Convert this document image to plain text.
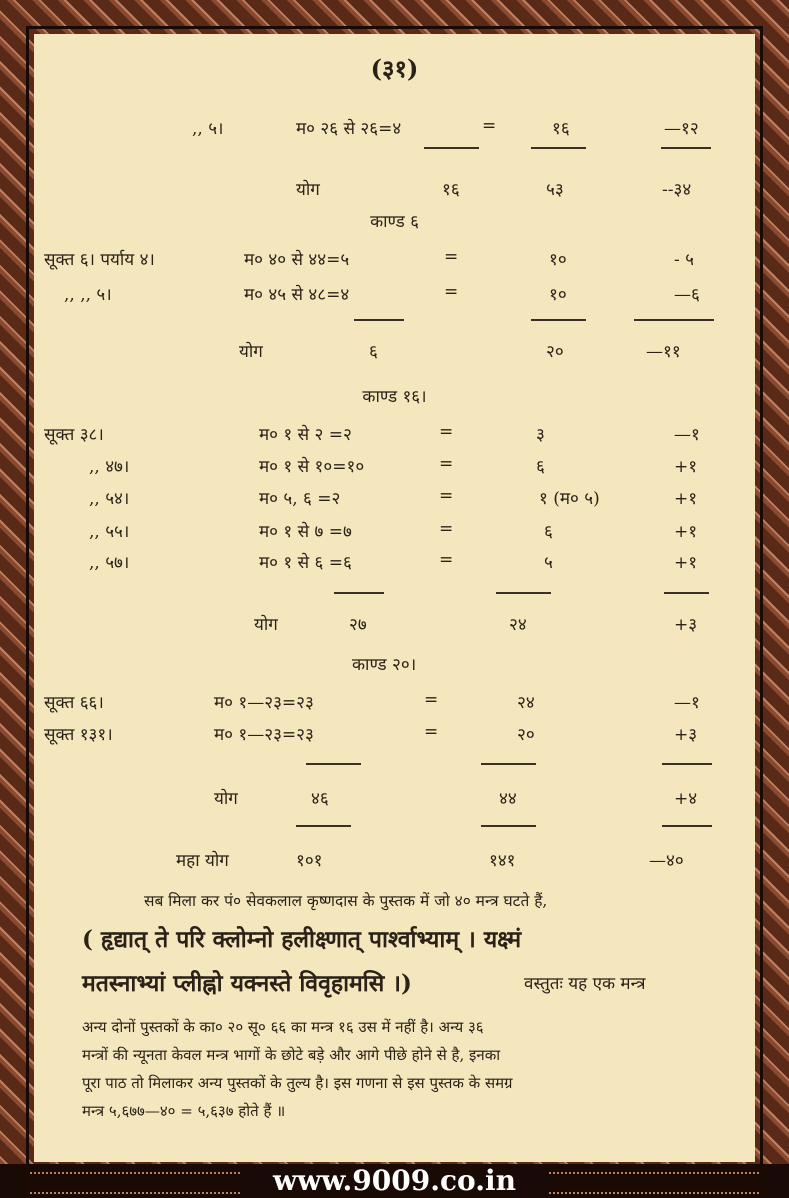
(३१)
,, ५।	म० २६ से २६=४	=	१६	—१२
योग	१६	५३	--३४
काण्ड ६
सूक्त ६। पर्याय ४।	म० ४० से ४४=५	=	१०	- ५
,, ,, ५।	म० ४५ से ४८=४	=	१०	—६
योग	६	२०	—११
काण्ड १६।
सूक्त ३८।	म० १ से २ =२	=	३	—१
,, ४७।	म० १ से १०=१०	=	६	+१
,, ५४।	म० ५, ६ =२	=	१ (म० ५)	+१
,, ५५।	म० १ से ७ =७	=	६	+१
,, ५७।	म० १ से ६ =६	=	५	+१
योग	२७	२४	+३
काण्ड २०।
सूक्त ६६।	म० १—२३=२३	=	२४	—१
सूक्त १३१।	म० १—२३=२३	=	२०	+३
योग	४६	४४	+४
महा योग	१०१	१४१	—४०
सब मिला कर पं० सेवकलाल कृष्णदास के पुस्तक में जो ४० मन्त्र घटते हैं,
( हृद्यात् ते परि क्लोम्नो हलीक्ष्णात् पार्श्वाभ्याम् । यक्ष्मं
मतस्नाभ्यां प्लीह्नो यक्नस्ते विवृहामसि ।)	वस्तुतः यह एक मन्त्र
अन्य दोनों पुस्तकों के का० २० सू० ६६ का मन्त्र १६ उस में नहीं है। अन्य ३६
मन्त्रों की न्यूनता केवल मन्त्र भागों के छोटे बड़े और आगे पीछे होने से है, इनका
पूरा पाठ तो मिलाकर अन्य पुस्तकों के तुल्य है। इस गणना से इस पुस्तक के समग्र
मन्त्र ५,६७७—४० = ५,६३७ होते हैं ॥
www.9009.co.in
